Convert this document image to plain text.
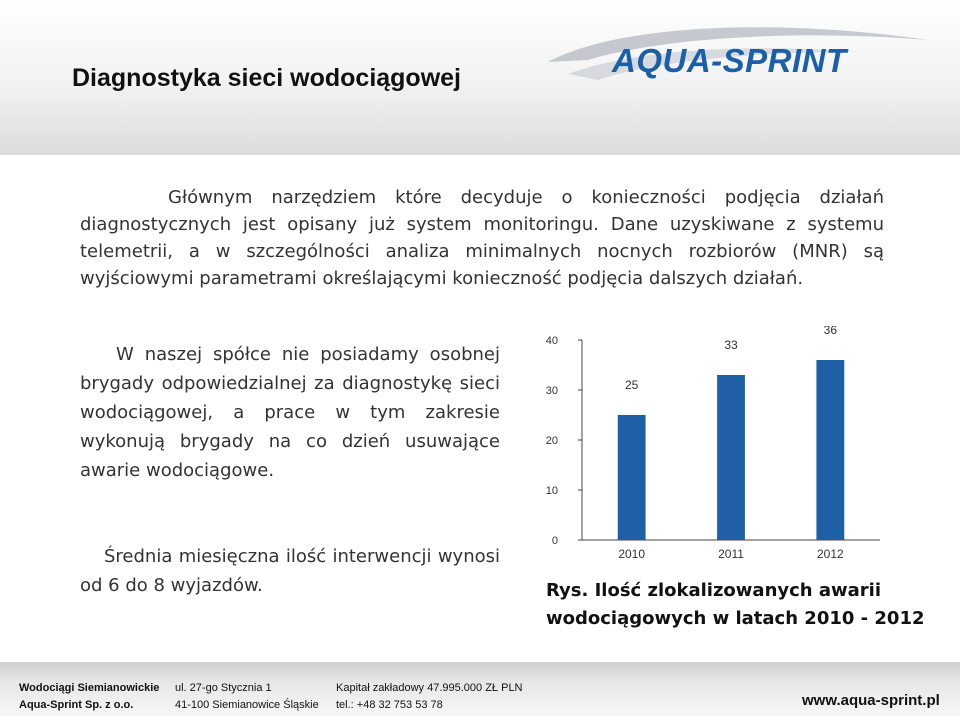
Diagnostyka sieci wodociągowej	AQUA-SPRINT
Głównym narzędziem które decyduje o konieczności podjęcia działań diagnostycznych jest opisany już system monitoringu. Dane uzyskiwane z systemu telemetrii, a w szczególności analiza minimalnych nocnych rozbiorów (MNR) są wyjściowymi parametrami określającymi konieczność podjęcia dalszych działań.
W naszej spółce nie posiadamy osobnej brygady odpowiedzialnej za diagnostykę sieci wodociągowej, a prace w tym zakresie wykonują brygady na co dzień usuwające awarie wodociągowe.
Średnia miesięczna ilość interwencji wynosi od 6 do 8 wyjazdów.
0
10
20
30
40
25
2010
33
2011
36
2012
Rys. Ilość zlokalizowanych awarii wodociągowych w latach 2010 - 2012
Wodociągi Siemianowickie
Aqua-Sprint Sp. z o.o.
ul. 27-go Stycznia 1
41-100 Siemianowice Śląskie
Kapitał zakładowy 47.995.000 ZŁ PLN
tel.: +48 32 753 53 78	www.aqua-sprint.pl
